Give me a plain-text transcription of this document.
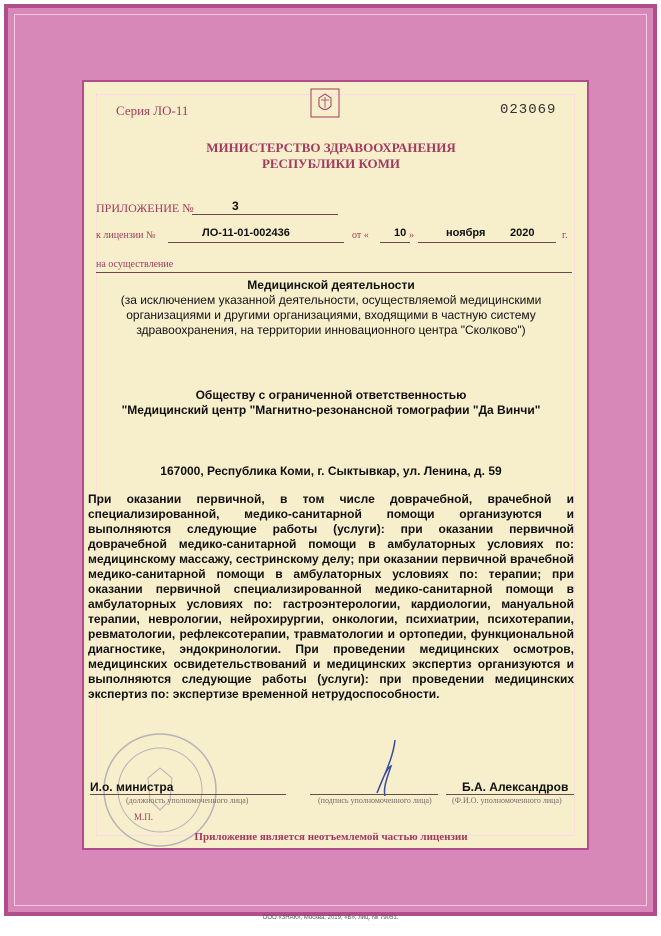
Серия ЛО-11	023069
МИНИСТЕРСТВО ЗДРАВООХРАНЕНИЯ
РЕСПУБЛИКИ КОМИ
ПРИЛОЖЕНИЕ №	3
к лицензии №	ЛО-11-01-002436	от « 10 »	ноября 2020	г.
на осуществление
Медицинской деятельности
(за исключением указанной деятельности, осуществляемой медицинскими организациями и другими организациями, входящими в частную систему здравоохранения, на территории инновационного центра "Сколково")
Обществу с ограниченной ответственностью
"Медицинский центр "Магнитно-резонансной томографии "Да Винчи"
167000, Республика Коми, г. Сыктывкар, ул. Ленина, д. 59
При оказании первичной, в том числе доврачебной, врачебной и специализированной, медико-санитарной помощи организуются и выполняются следующие работы (услуги): при оказании первичной доврачебной медико-санитарной помощи в амбулаторных условиях по: медицинскому массажу, сестринскому делу; при оказании первичной врачебной медико-санитарной помощи в амбулаторных условиях по: терапии; при оказании первичной специализированной медико-санитарной помощи в амбулаторных условиях по: гастроэнтерологии, кардиологии, мануальной терапии, неврологии, нейрохирургии, онкологии, психиатрии, психотерапии, ревматологии, рефлексотерапии, травматологии и ортопедии, функциональной диагностике, эндокринологии. При проведении медицинских осмотров, медицинских освидетельствований и медицинских экспертиз организуются и выполняются следующие работы (услуги): при проведении медицинских экспертиз по: экспертизе временной нетрудоспособности.
И.о. министра
(должность уполномоченного лица)	(подпись уполномоченного лица)
Б.А. Александров
(Ф.И.О. уполномоченного лица)
М.П.
Приложение является неотъемлемой частью лицензии
ООО «ЗНАК», Москва, 2019, «Б», лиц. № 79051.
